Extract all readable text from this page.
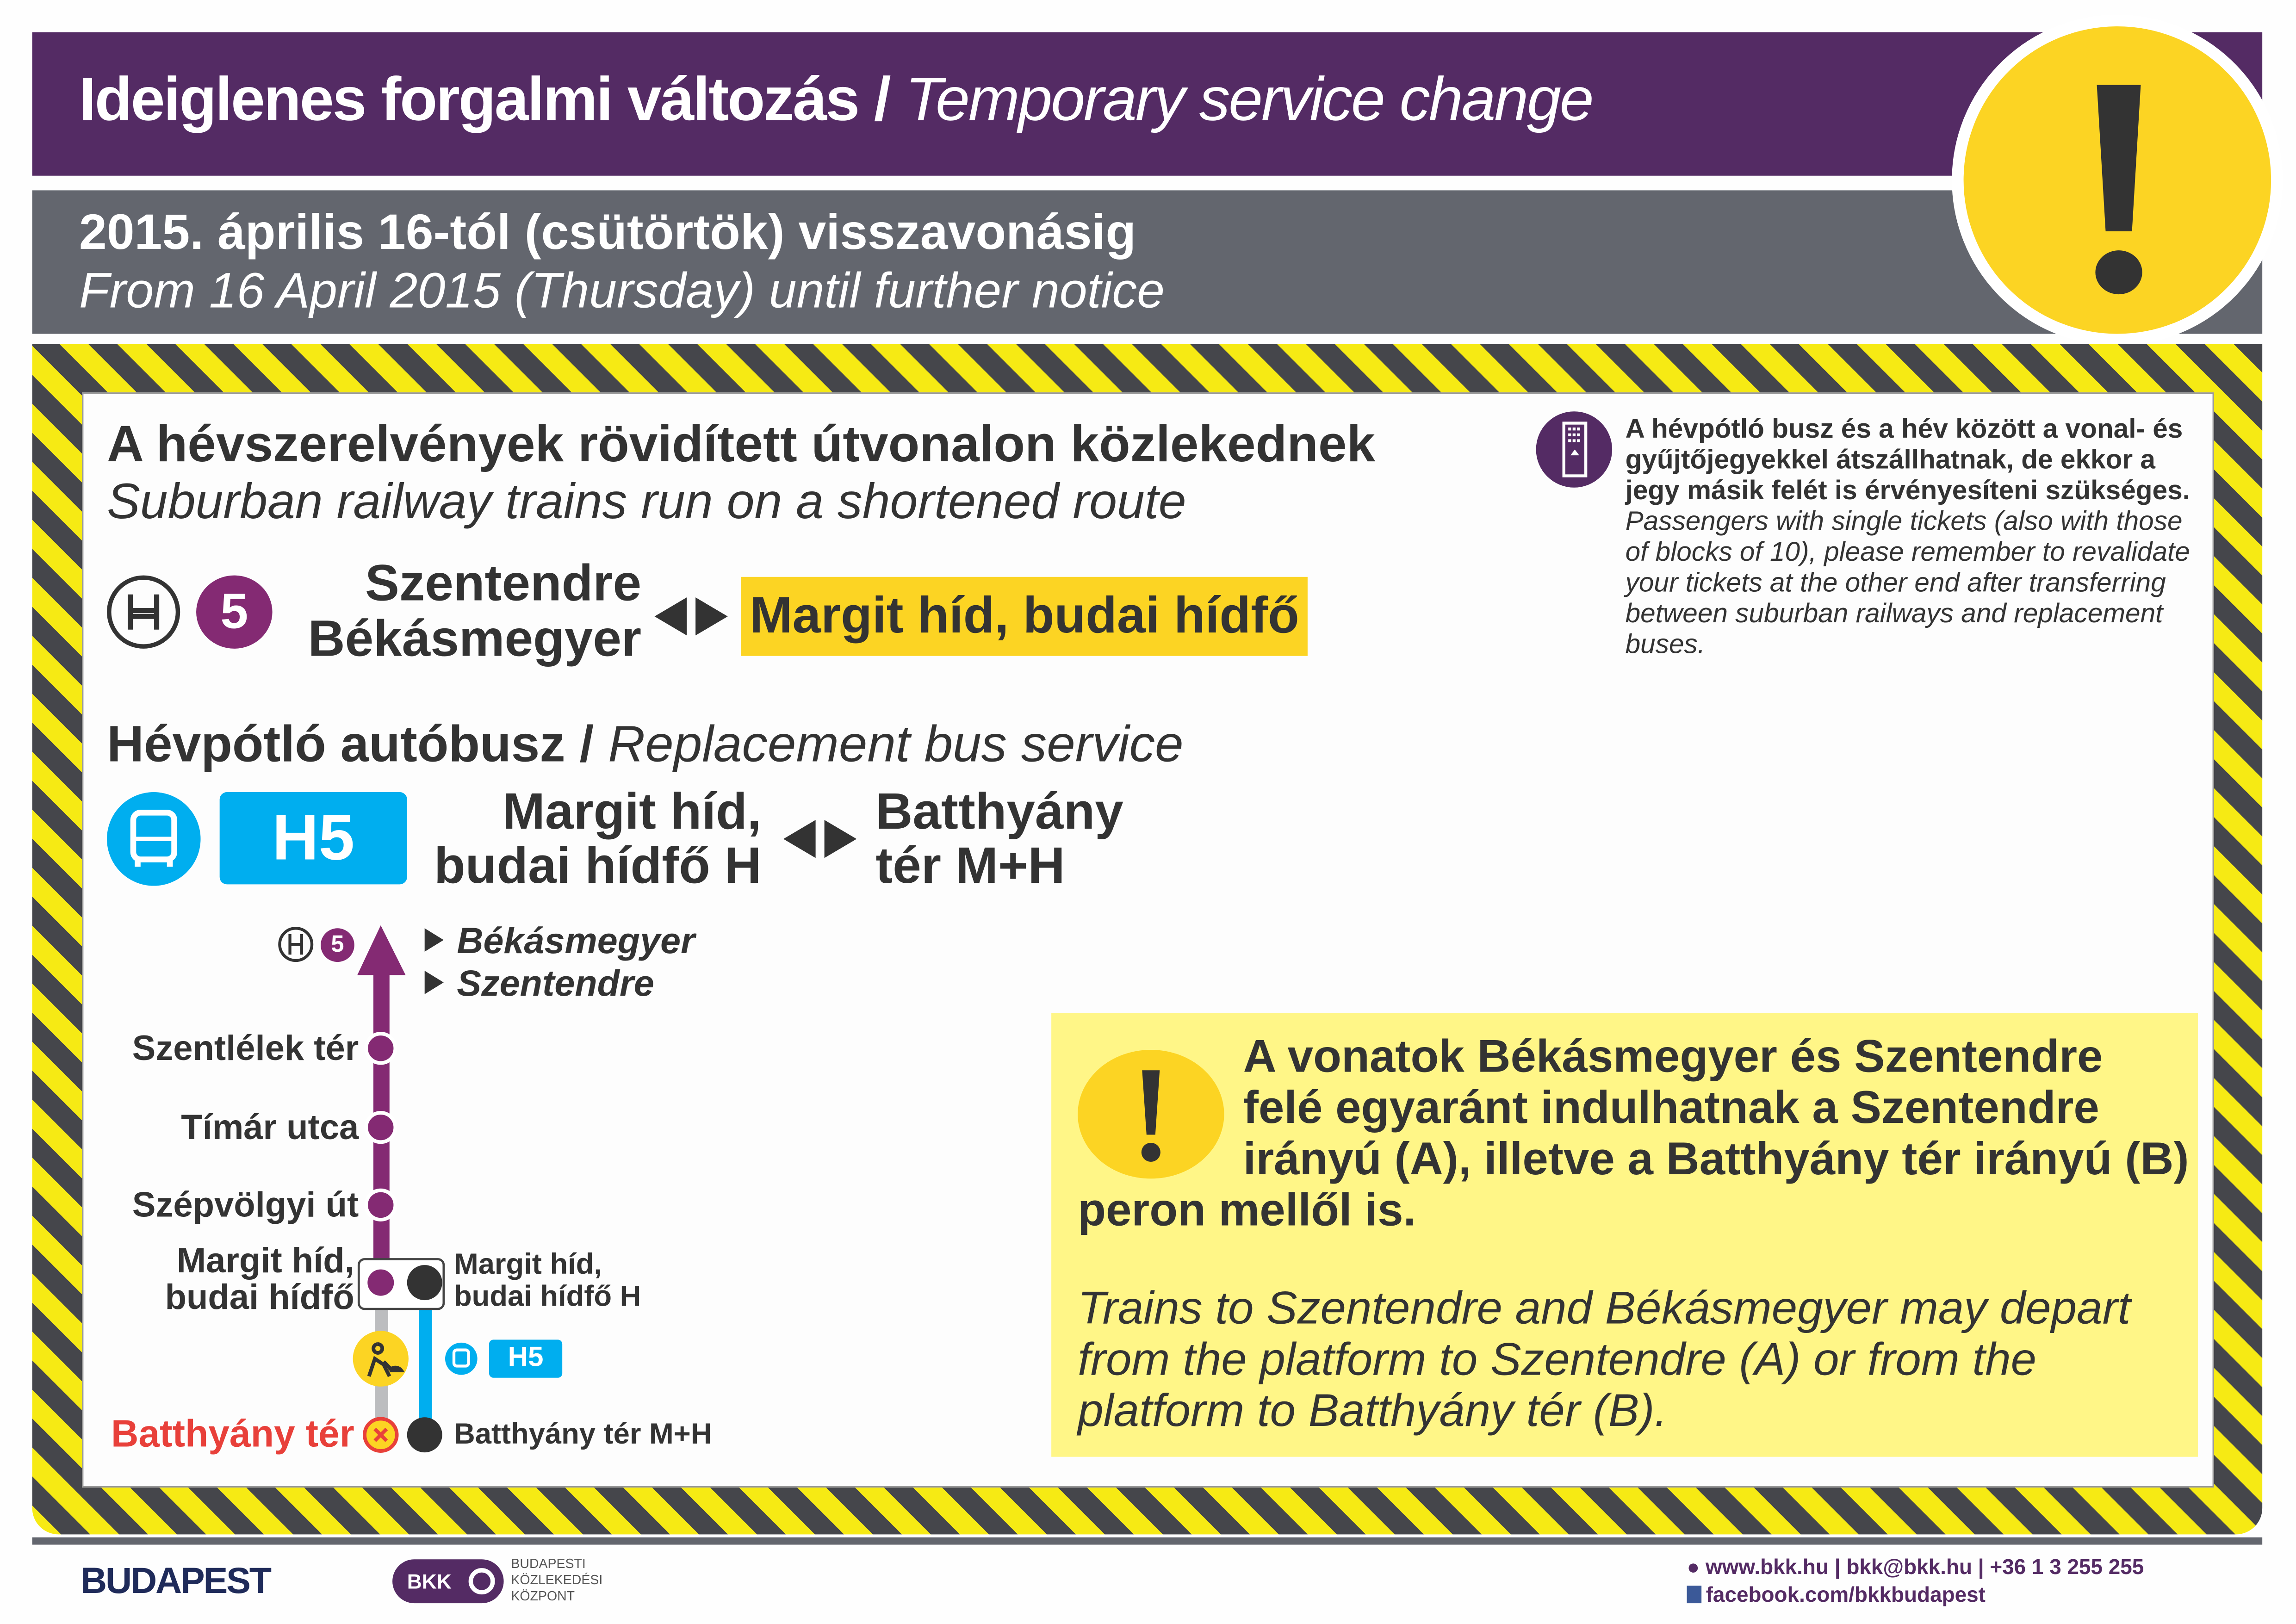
Ideiglenes forgalmi változás / Temporary service change
2015. április 16-tól (csütörtök) visszavonásig
From 16 April 2015 (Thursday) until further notice
A hévszerelvények rövidített útvonalon közlekednek
Suburban railway trains run on a shortened route
5	Szentendre
Békásmegyer	Margit híd, budai hídfő
A hévpótló busz és a hév között a vonal- és gyűjtőjegyekkel átszállhatnak, de ekkor a jegy másik felét is érvényesíteni szükséges.
Passengers with single tickets (also with those of blocks of 10), please remember to revalidate your tickets at the other end after transferring between suburban railways and replacement buses.
Hévpótló autóbusz / Replacement bus service
H5	Margit híd,
budai hídfő H
Batthyány
tér M+H
5	Békásmegyer
Szentendre
Szentlélek tér
Tímár utca
Szépvölgyi út
Margit híd,
budai hídfő
Margit híd,
budai hídfő H
H5
Batthyány tér	Batthyány tér M+H
A vonatok Békásmegyer és Szentendre felé egyaránt indulhatnak a Szentendre irányú (A), illetve a Batthyány tér irányú (B) peron mellől is.
Trains to Szentendre and Békásmegyer may depart from the platform to Szentendre (A) or from the platform to Batthyány tér (B).
BUDAPEST	BKK
BUDAPESTI
KÖZLEKEDÉSI
KÖZPONT
● www.bkk.hu | bkk@bkk.hu | +36 1 3 255 255
facebook.com/bkkbudapest
